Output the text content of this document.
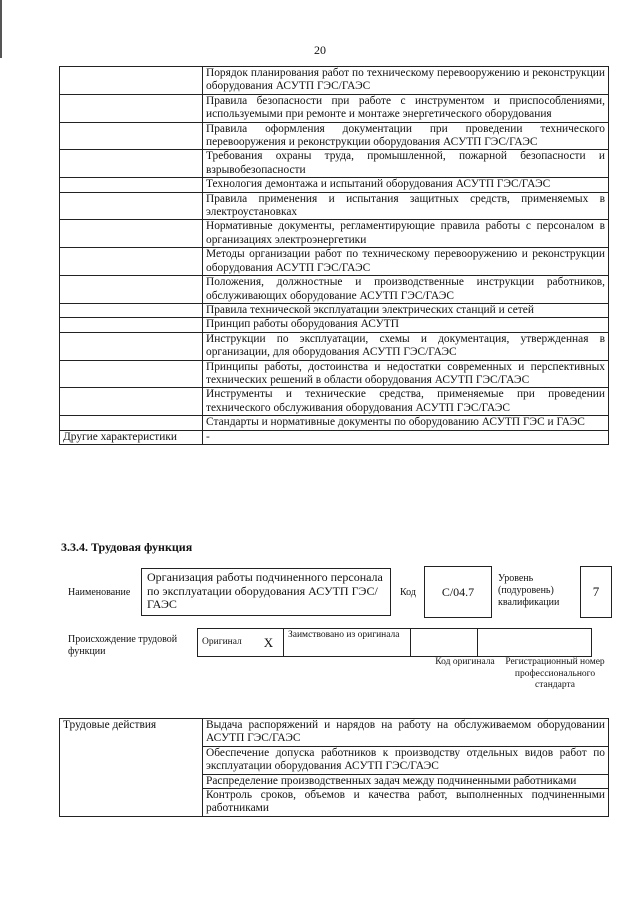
20
	Порядок планирования работ по техническому перевооружению и реконструкции оборудования АСУТП ГЭС/ГАЭС
	Правила безопасности при работе с инструментом и приспособлениями, используемыми при ремонте и монтаже энергетического оборудования
	Правила оформления документации при проведении технического перевооружения и реконструкции оборудования АСУТП ГЭС/ГАЭС
	Требования охраны труда, промышленной, пожарной безопасности и взрывобезопасности
	Технология демонтажа и испытаний оборудования АСУТП ГЭС/ГАЭС
	Правила применения и испытания защитных средств, применяемых в электроустановках
	Нормативные документы, регламентирующие правила работы с персоналом в организациях электроэнергетики
	Методы организации работ по техническому перевооружению и реконструкции оборудования АСУТП ГЭС/ГАЭС
	Положения, должностные и производственные инструкции работников, обслуживающих оборудование АСУТП ГЭС/ГАЭС
	Правила технической эксплуатации электрических станций и сетей
	Принцип работы оборудования АСУТП
	Инструкции по эксплуатации, схемы и документация, утвержденная в организации, для оборудования АСУТП ГЭС/ГАЭС
	Принципы работы, достоинства и недостатки современных и перспективных технических решений в области оборудования АСУТП ГЭС/ГАЭС
	Инструменты и технические средства, применяемые при проведении технического обслуживания оборудования АСУТП ГЭС/ГАЭС
	Стандарты и нормативные документы по оборудованию АСУТП ГЭС и ГАЭС
Другие характеристики	-
3.3.4. Трудовая функция
Наименование
Организация работы подчиненного персонала по эксплуатации оборудования АСУТП ГЭС/ГАЭС
Код	C/04.7
Уровень (подуровень) квалификации
7
Происхождение трудовой функции
Оригинал	X	Заимствовано из оригинала		
Код оригинала	Регистрационный номер профессионального стандарта
Трудовые действия	Выдача распоряжений и нарядов на работу на обслуживаемом оборудовании АСУТП ГЭС/ГАЭС
Обеспечение допуска работников к производству отдельных видов работ по эксплуатации оборудования АСУТП ГЭС/ГАЭС
Распределение производственных задач между подчиненными работниками
Контроль сроков, объемов и качества работ, выполненных подчиненными работниками
